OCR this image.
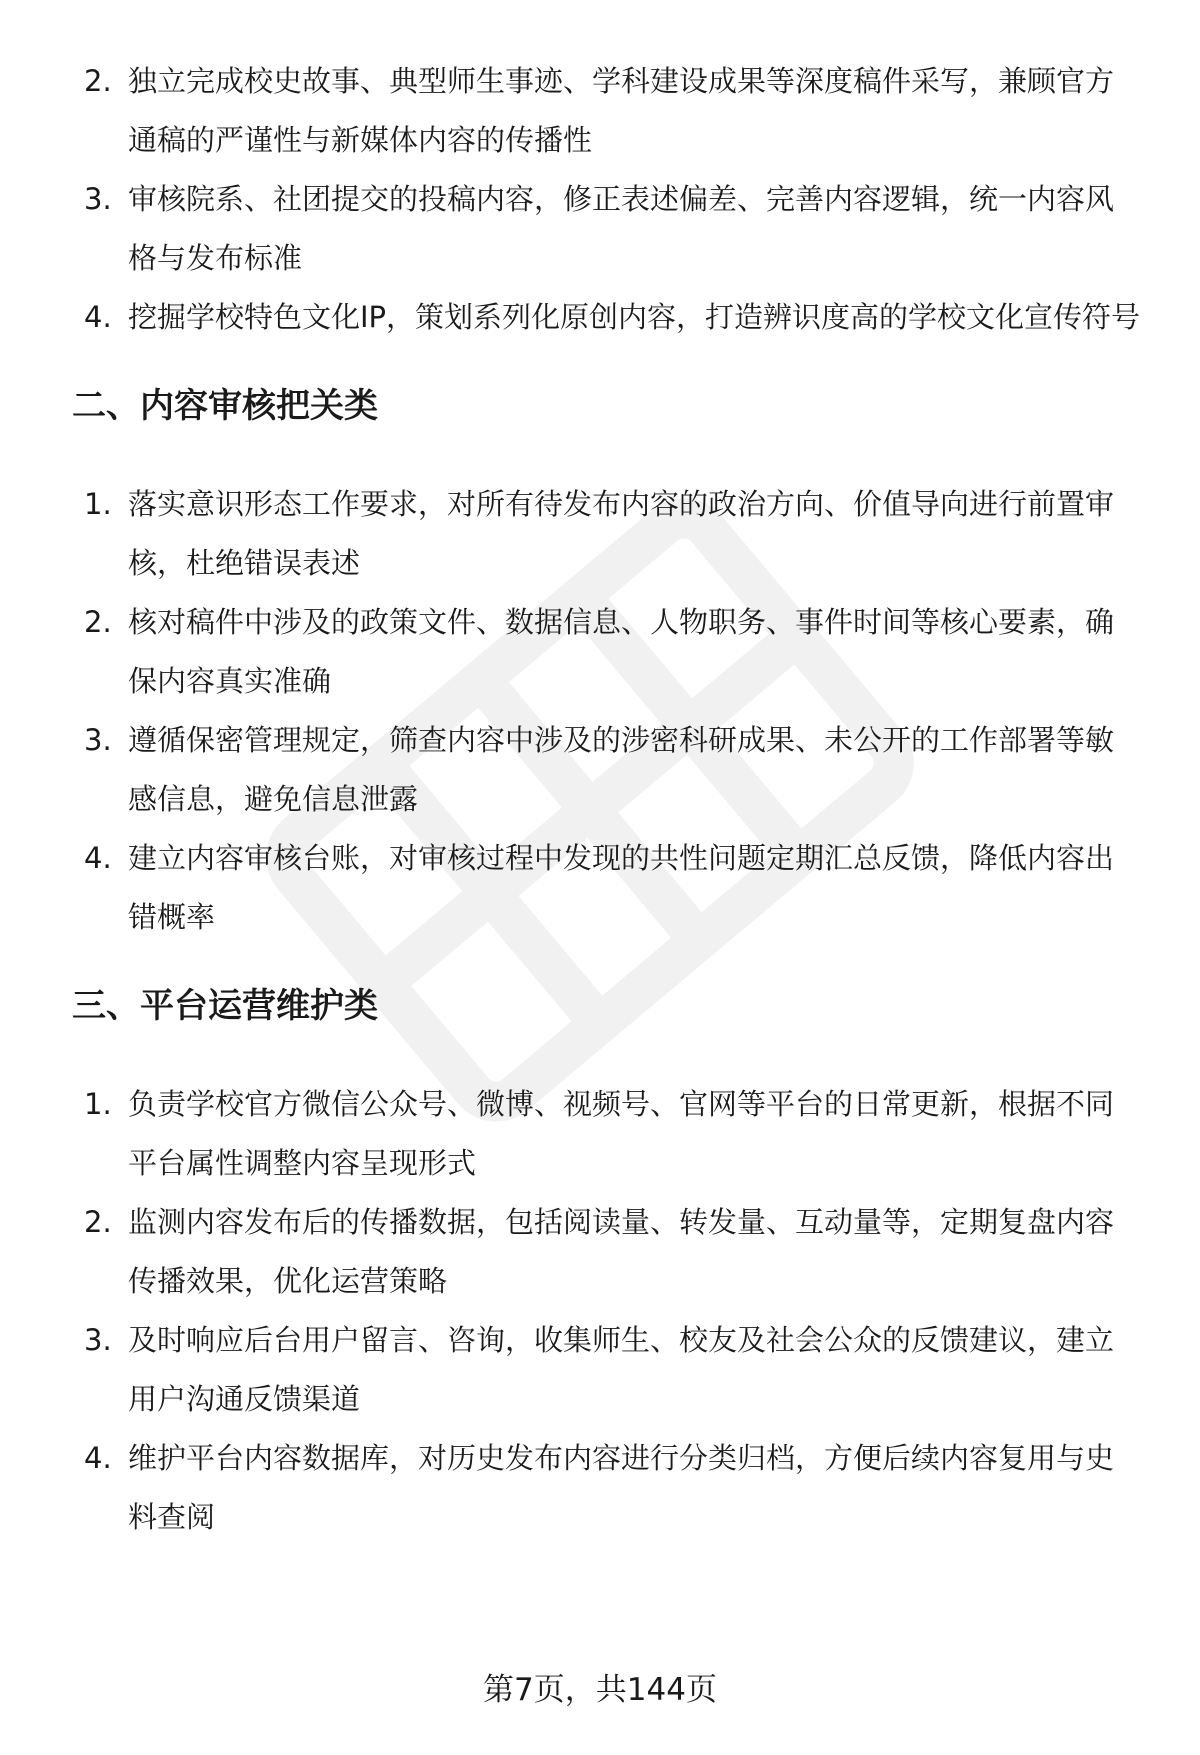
2. 独立完成校史故事、典型师生事迹、学科建设成果等深度稿件采写，兼顾官方通稿的严谨性与新媒体内容的传播性
3. 审核院系、社团提交的投稿内容，修正表述偏差、完善内容逻辑，统一内容风格与发布标准
4. 挖掘学校特色文化IP，策划系列化原创内容，打造辨识度高的学校文化宣传符号
二、内容审核把关类
1. 落实意识形态工作要求，对所有待发布内容的政治方向、价值导向进行前置审核，杜绝错误表述
2. 核对稿件中涉及的政策文件、数据信息、人物职务、事件时间等核心要素，确保内容真实准确
3. 遵循保密管理规定，筛查内容中涉及的涉密科研成果、未公开的工作部署等敏感信息，避免信息泄露
4. 建立内容审核台账，对审核过程中发现的共性问题定期汇总反馈，降低内容出错概率
三、平台运营维护类
1. 负责学校官方微信公众号、微博、视频号、官网等平台的日常更新，根据不同平台属性调整内容呈现形式
2. 监测内容发布后的传播数据，包括阅读量、转发量、互动量等，定期复盘内容传播效果，优化运营策略
3. 及时响应后台用户留言、咨询，收集师生、校友及社会公众的反馈建议，建立用户沟通反馈渠道
4. 维护平台内容数据库，对历史发布内容进行分类归档，方便后续内容复用与史料查阅
第7页，共144页
